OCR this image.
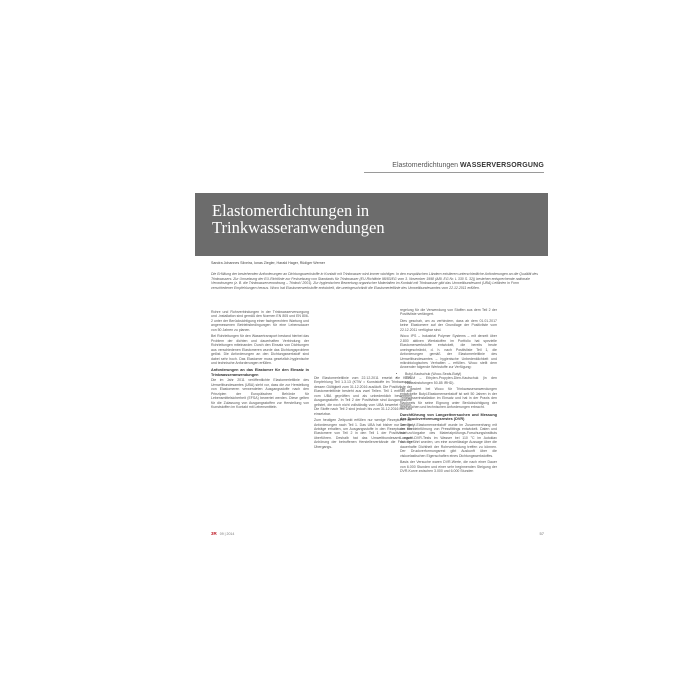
Elastomerdichtungen WASSERVERSORGUNG
Elastomerdichtungen in Trinkwasseranwendungen
Sandra Johannes Silveira, Ionas Ziegler, Harald Hager, Rüdiger Werner
Die Erfüllung der bestehenden Anforderungen an Dichtungswerkstoffe in Kontakt mit Trinkwasser wird immer wichtiger. In den europäischen Ländern existieren unterschiedliche Anforderungen an die Qualität des Trinkwassers. Zur Umsetzung der EU-Richtlinie zur Festsetzung von Standards für Trinkwasser (EU-Richtlinie 98/83/EG vom 3. November 1998 (ABl. EG Nr. L 330 S. 32)) bestehen entsprechende nationale Verordnungen (z. B. die Trinkwasserverordnung – TrinkwV 2001). Zur hygienischen Bewertung organischer Materialien im Kontakt mit Trinkwasser gibt das Umweltbundesamt (UBA) Leitlinien in Form verschiedener Empfehlungen heraus. Woco hat Elastomerwerkstoffe entwickelt, die uneingeschränkt die Elastomerleitlinie des Umweltbundesamtes vom 22.12.2011 erfüllen.

Rohre und Rohrverbindungen in der Trinkwasserversorgung und -installation sind gemäß den Normen EN 805 und EN 806-2 unter der Berücksichtigung einer fachgerechten Wartung und angemessenen Betriebsbedingungen für eine Lebensdauer von 50 Jahren zu planen.

Bei Rohrleitungen für den Wassertransport bestand hierbei das Problem der dichten und dauerhaften Verbindung der Rohrleitungen miteinander. Durch den Einsatz von Dichtungen aus verschiedenen Elastomeren wurde das Dichtungsproblem gelöst. Die Anforderungen an den Dichtungswerkstoff sind dabei sehr hoch. Das Elastomer muss gesetzlich-hygienische und technische Anforderungen erfüllen.

Anforderungen an das Elastomer für den Einsatz in Trinkwasseranwendungen

Die im Jahr 2011 veröffentlichte Elastomerleitlinie des Umweltbundesamtes (UBA) sieht vor, dass die zur Herstellung von Elastomeren verwendeten Ausgangsstoffe nach den Prinzipien der Europäischen Behörde für Lebensmittelsicherheit (EFSA) bewertet werden. Diese gelten für die Zulassung von Ausgangsstoffen zur Herstellung von Kunststoffen im Kontakt mit Lebensmitteln.

Die Elastomerleitlinie vom 22.12.2011 ersetzt die KTW-Empfehlung Teil 1.3.13 (KTW = Kunststoffe im Trinkwasser), dessen Gültigkeit zum 31.12.2016 ausläuft. Die Positivliste der Elastomerleitlinie besteht aus zwei Teilen. Teil 1 enthält alle vom UBA geprüften und als unbedenklich bewerteten Ausgangsstoffe. In Teil 2 der Positivliste sind Ausgangsstoffe gelistet, die noch nicht vollständig vom UBA bewertet wurden. Die Stoffe nach Teil 2 sind jedoch bis zum 31.12.2016 befristet einsetzbar.

Zum heutigen Zeitpunkt erfüllen nur wenige Rezepturen die Anforderungen nach Teil 1. Das UBA hat bisher nur wenige Anträge erhalten, um Ausgangsstoffe in den Rezepturen der Elastomere von Teil 2 in den Teil 1 der Positivliste zu überführen. Deshalb hat das Umweltbundesamt nach Anhörung der betroffenen Herstellerverbände die Frist der Übergangs-

regelung für die Verwendung von Stoffen aus dem Teil 2 der Positivliste verlängert.

Dies geschah, um zu verhindern, dass ab dem 01.01.2017 keine Elastomere auf der Grundlage der Positivliste vom 22.12.2011 verfügbar sind.

Woco IPS – Industrial Polymer Systems – mit derzeit über 2.800 aktiven Werkstoffen im Portfolio hat spezielle Elastomerwerkstoffe entwickelt, die bereits heute uneingeschränkt, d. h. nach Positivliste Teil 1, die Anforderungen gemäß der Elastomerleitlinie des Umweltbundesamtes – hygienische Unbedenklichkeit und mikrobiologisches Verhalten – erfüllen. Woco stellt dem Anwender folgende Werkstoffe zur Verfügung:

• Butyl-Kautschuk (Woco-Seals-Butyl)
• EPDM – Ethylen-Propylen-Dien-Kautschuk (in den Härteabstufungen 50-85 IRHD).

Der lanciert bei Woco für Trinkwasseranwendungen entwickelte Butyl-Elastomerwerkstoff ist seit 50 Jahren in der Trinkwasserinstallation im Einsatz und hat in der Praxis den Nachweis für seine Eignung unter Berücksichtigung der gesetzlichen und technischen Anforderungen erbracht.

Durchführung von Langzeitversuchen und Messung des Druckverformungsrestes (DVR)

Der Butyl-Elastomerwerkstoff wurde im Zusammenhang mit der Markteinführung von Pressfittings entwickelt. Daten und nach Vorgabe des Materialprüfungs-Forschungsinstituts Langzeit-DVR-Tests im Wasser bei 110 °C im Autoklav durchgeführt worden, um eine zuverlässige Aussage über die dauerhafte Dichtheit der Rohrverbindung treffen zu können. Der Druckverformungsrest gibt Auskunft über die viskoelastischen Eigenschaften eines Dichtungswerkstoffes.

Basis der Versuche waren DVR-Werte, die nach einer Dauer von 6.000 Stunden und einer sehr beginnenden Steigung der DVR-Kurve zwischen 3.000 und 6.000 Stunden

3R 09 | 2014	57
